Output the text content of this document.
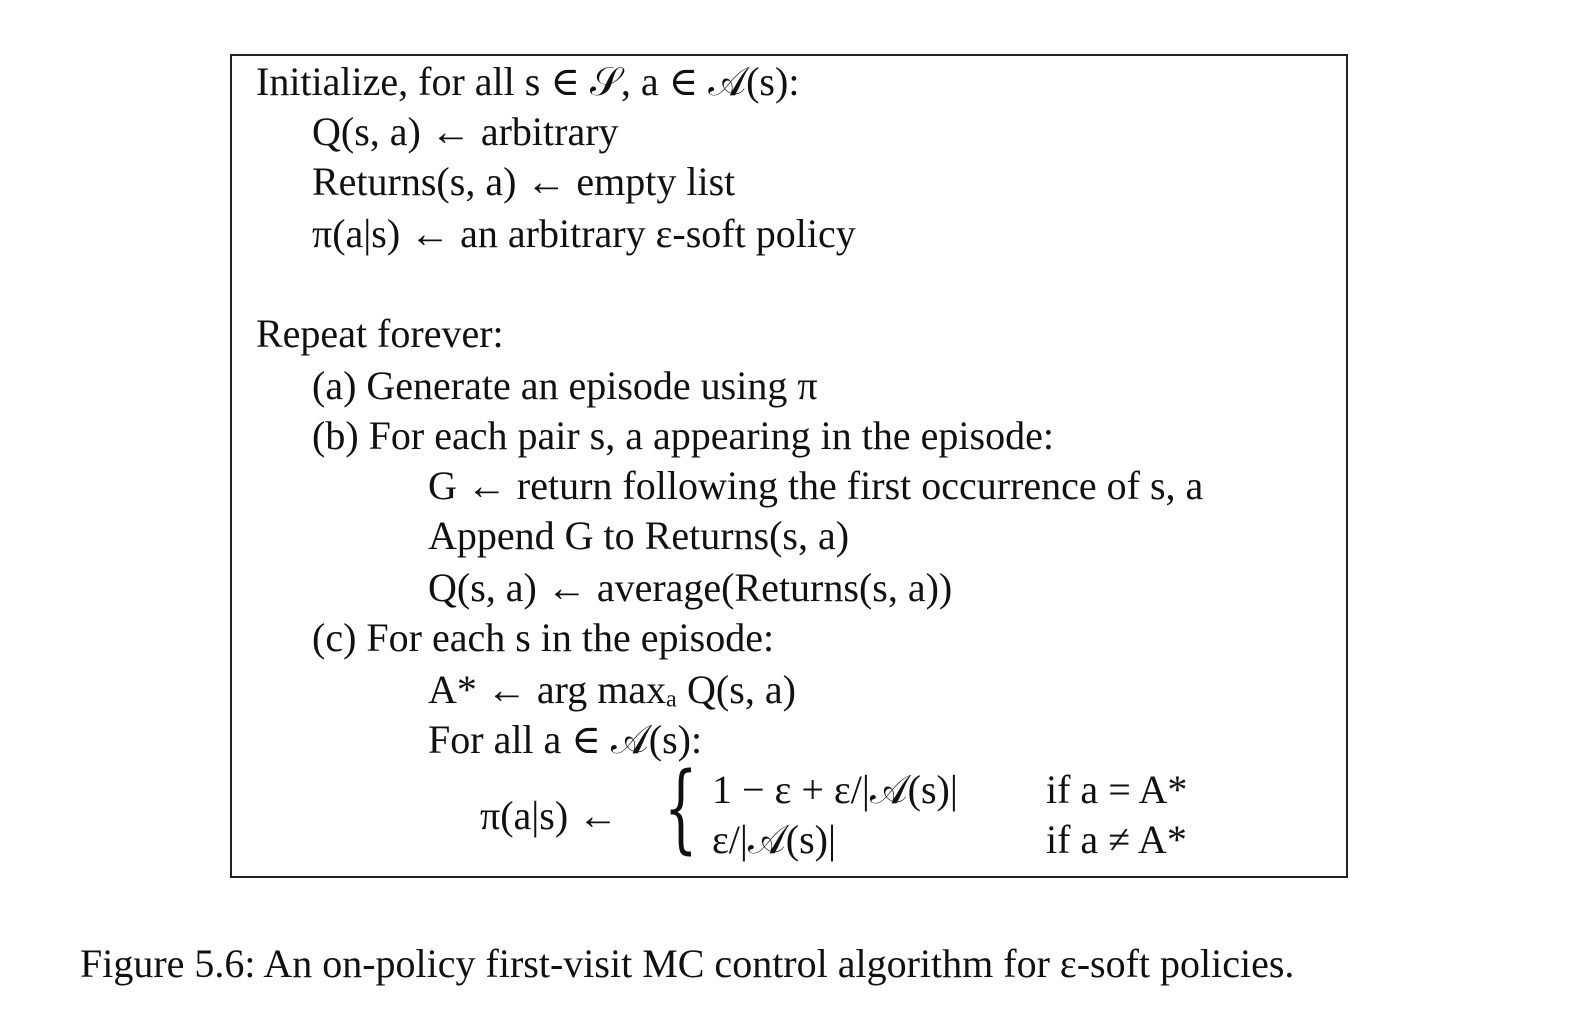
Initialize, for all s ∈ 𝒮, a ∈ 𝒜(s):
Q(s, a) ← arbitrary
Returns(s, a) ← empty list
π(a|s) ← an arbitrary ε-soft policy
Repeat forever:
(a) Generate an episode using π
(b) For each pair s, a appearing in the episode:
G ← return following the first occurrence of s, a
Append G to Returns(s, a)
Q(s, a) ← average(Returns(s, a))
(c) For each s in the episode:
A* ← arg maxₐ Q(s, a)
For all a ∈ 𝒜(s):
π(a|s) ← { 1 − ε + ε/|𝒜(s)| if a = A*
ε/|𝒜(s)|	if a ≠ A*
Figure 5.6: An on-policy first-visit MC control algorithm for ε-soft policies.
